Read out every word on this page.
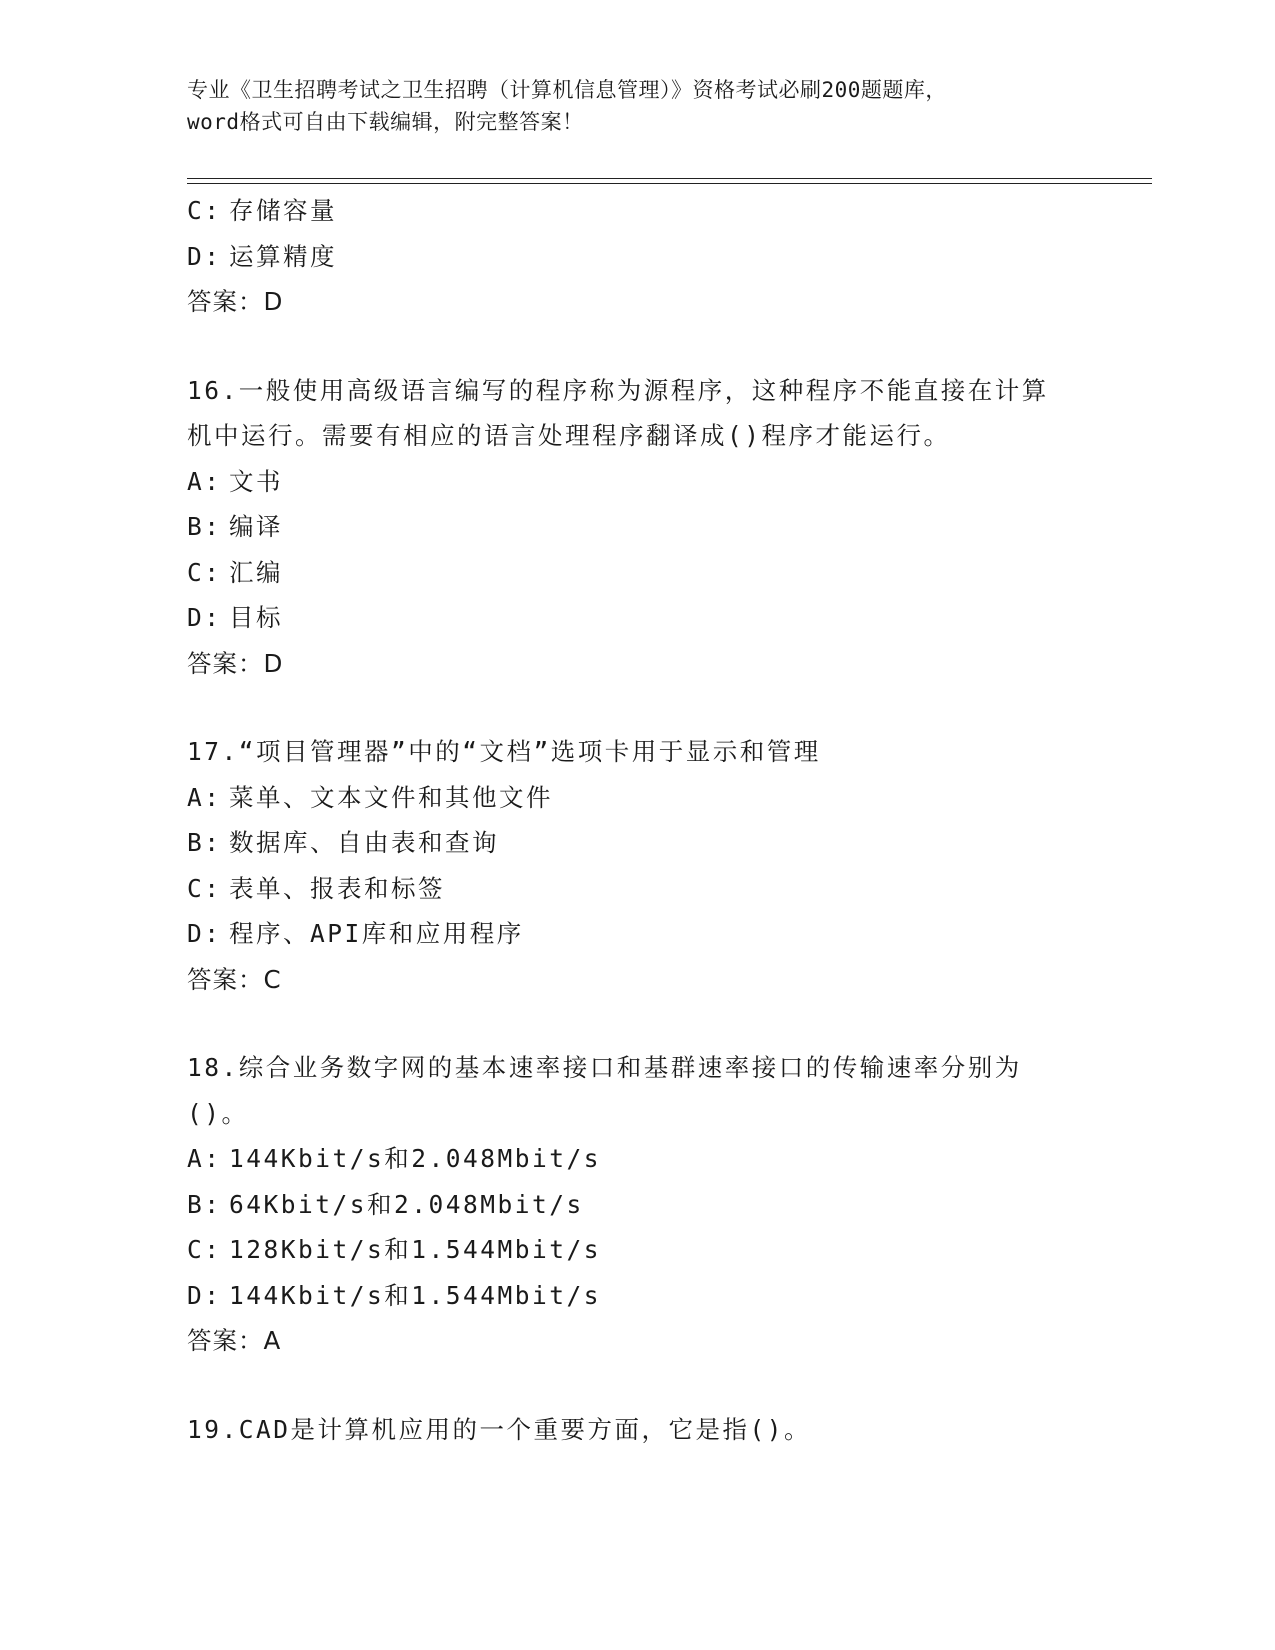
专业《卫生招聘考试之卫生招聘（计算机信息管理）》资格考试必刷200题题库，
word格式可自由下载编辑，附完整答案！
C: 存储容量
D: 运算精度
答案：D
16.一般使用高级语言编写的程序称为源程序，这种程序不能直接在计算机中运行。需要有相应的语言处理程序翻译成()程序才能运行。
A: 文书
B: 编译
C: 汇编
D: 目标
答案：D
17.“项目管理器”中的“文档”选项卡用于显示和管理
A: 菜单、文本文件和其他文件
B: 数据库、自由表和查询
C: 表单、报表和标签
D: 程序、API库和应用程序
答案：C
18.综合业务数字网的基本速率接口和基群速率接口的传输速率分别为()。
A: 144Kbit/s和2.048Mbit/s
B: 64Kbit/s和2.048Mbit/s
C: 128Kbit/s和1.544Mbit/s
D: 144Kbit/s和1.544Mbit/s
答案：A
19.CAD是计算机应用的一个重要方面，它是指()。
